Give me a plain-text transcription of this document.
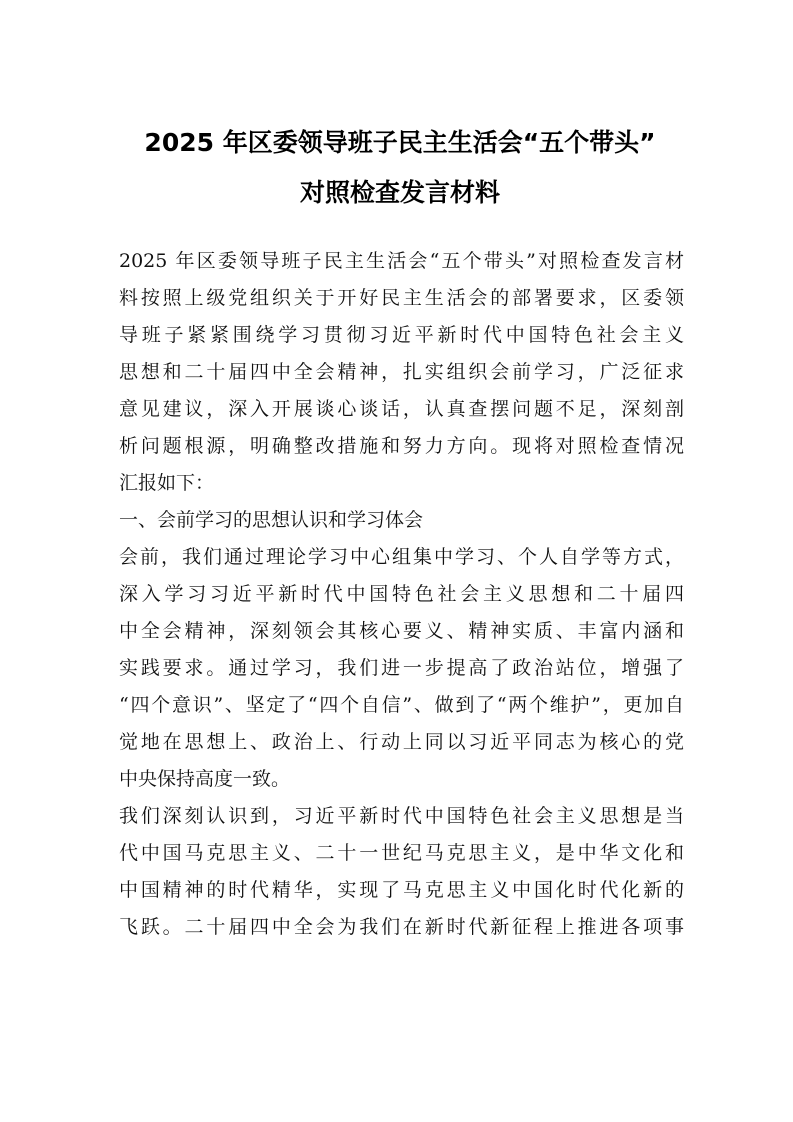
2025 年区委领导班子民主生活会“五个带头”
对照检查发言材料
2025 年区委领导班子民主生活会“五个带头”对照检查发言材
料按照上级党组织关于开好民主生活会的部署要求，区委领
导班子紧紧围绕学习贯彻习近平新时代中国特色社会主义
思想和二十届四中全会精神，扎实组织会前学习，广泛征求
意见建议，深入开展谈心谈话，认真查摆问题不足，深刻剖
析问题根源，明确整改措施和努力方向。现将对照检查情况
汇报如下：
一、会前学习的思想认识和学习体会
会前，我们通过理论学习中心组集中学习、个人自学等方式，
深入学习习近平新时代中国特色社会主义思想和二十届四
中全会精神，深刻领会其核心要义、精神实质、丰富内涵和
实践要求。通过学习，我们进一步提高了政治站位，增强了
“四个意识”、坚定了“四个自信”、做到了“两个维护”，更加自
觉地在思想上、政治上、行动上同以习近平同志为核心的党
中央保持高度一致。
我们深刻认识到，习近平新时代中国特色社会主义思想是当
代中国马克思主义、二十一世纪马克思主义，是中华文化和
中国精神的时代精华，实现了马克思主义中国化时代化新的
飞跃。二十届四中全会为我们在新时代新征程上推进各项事
